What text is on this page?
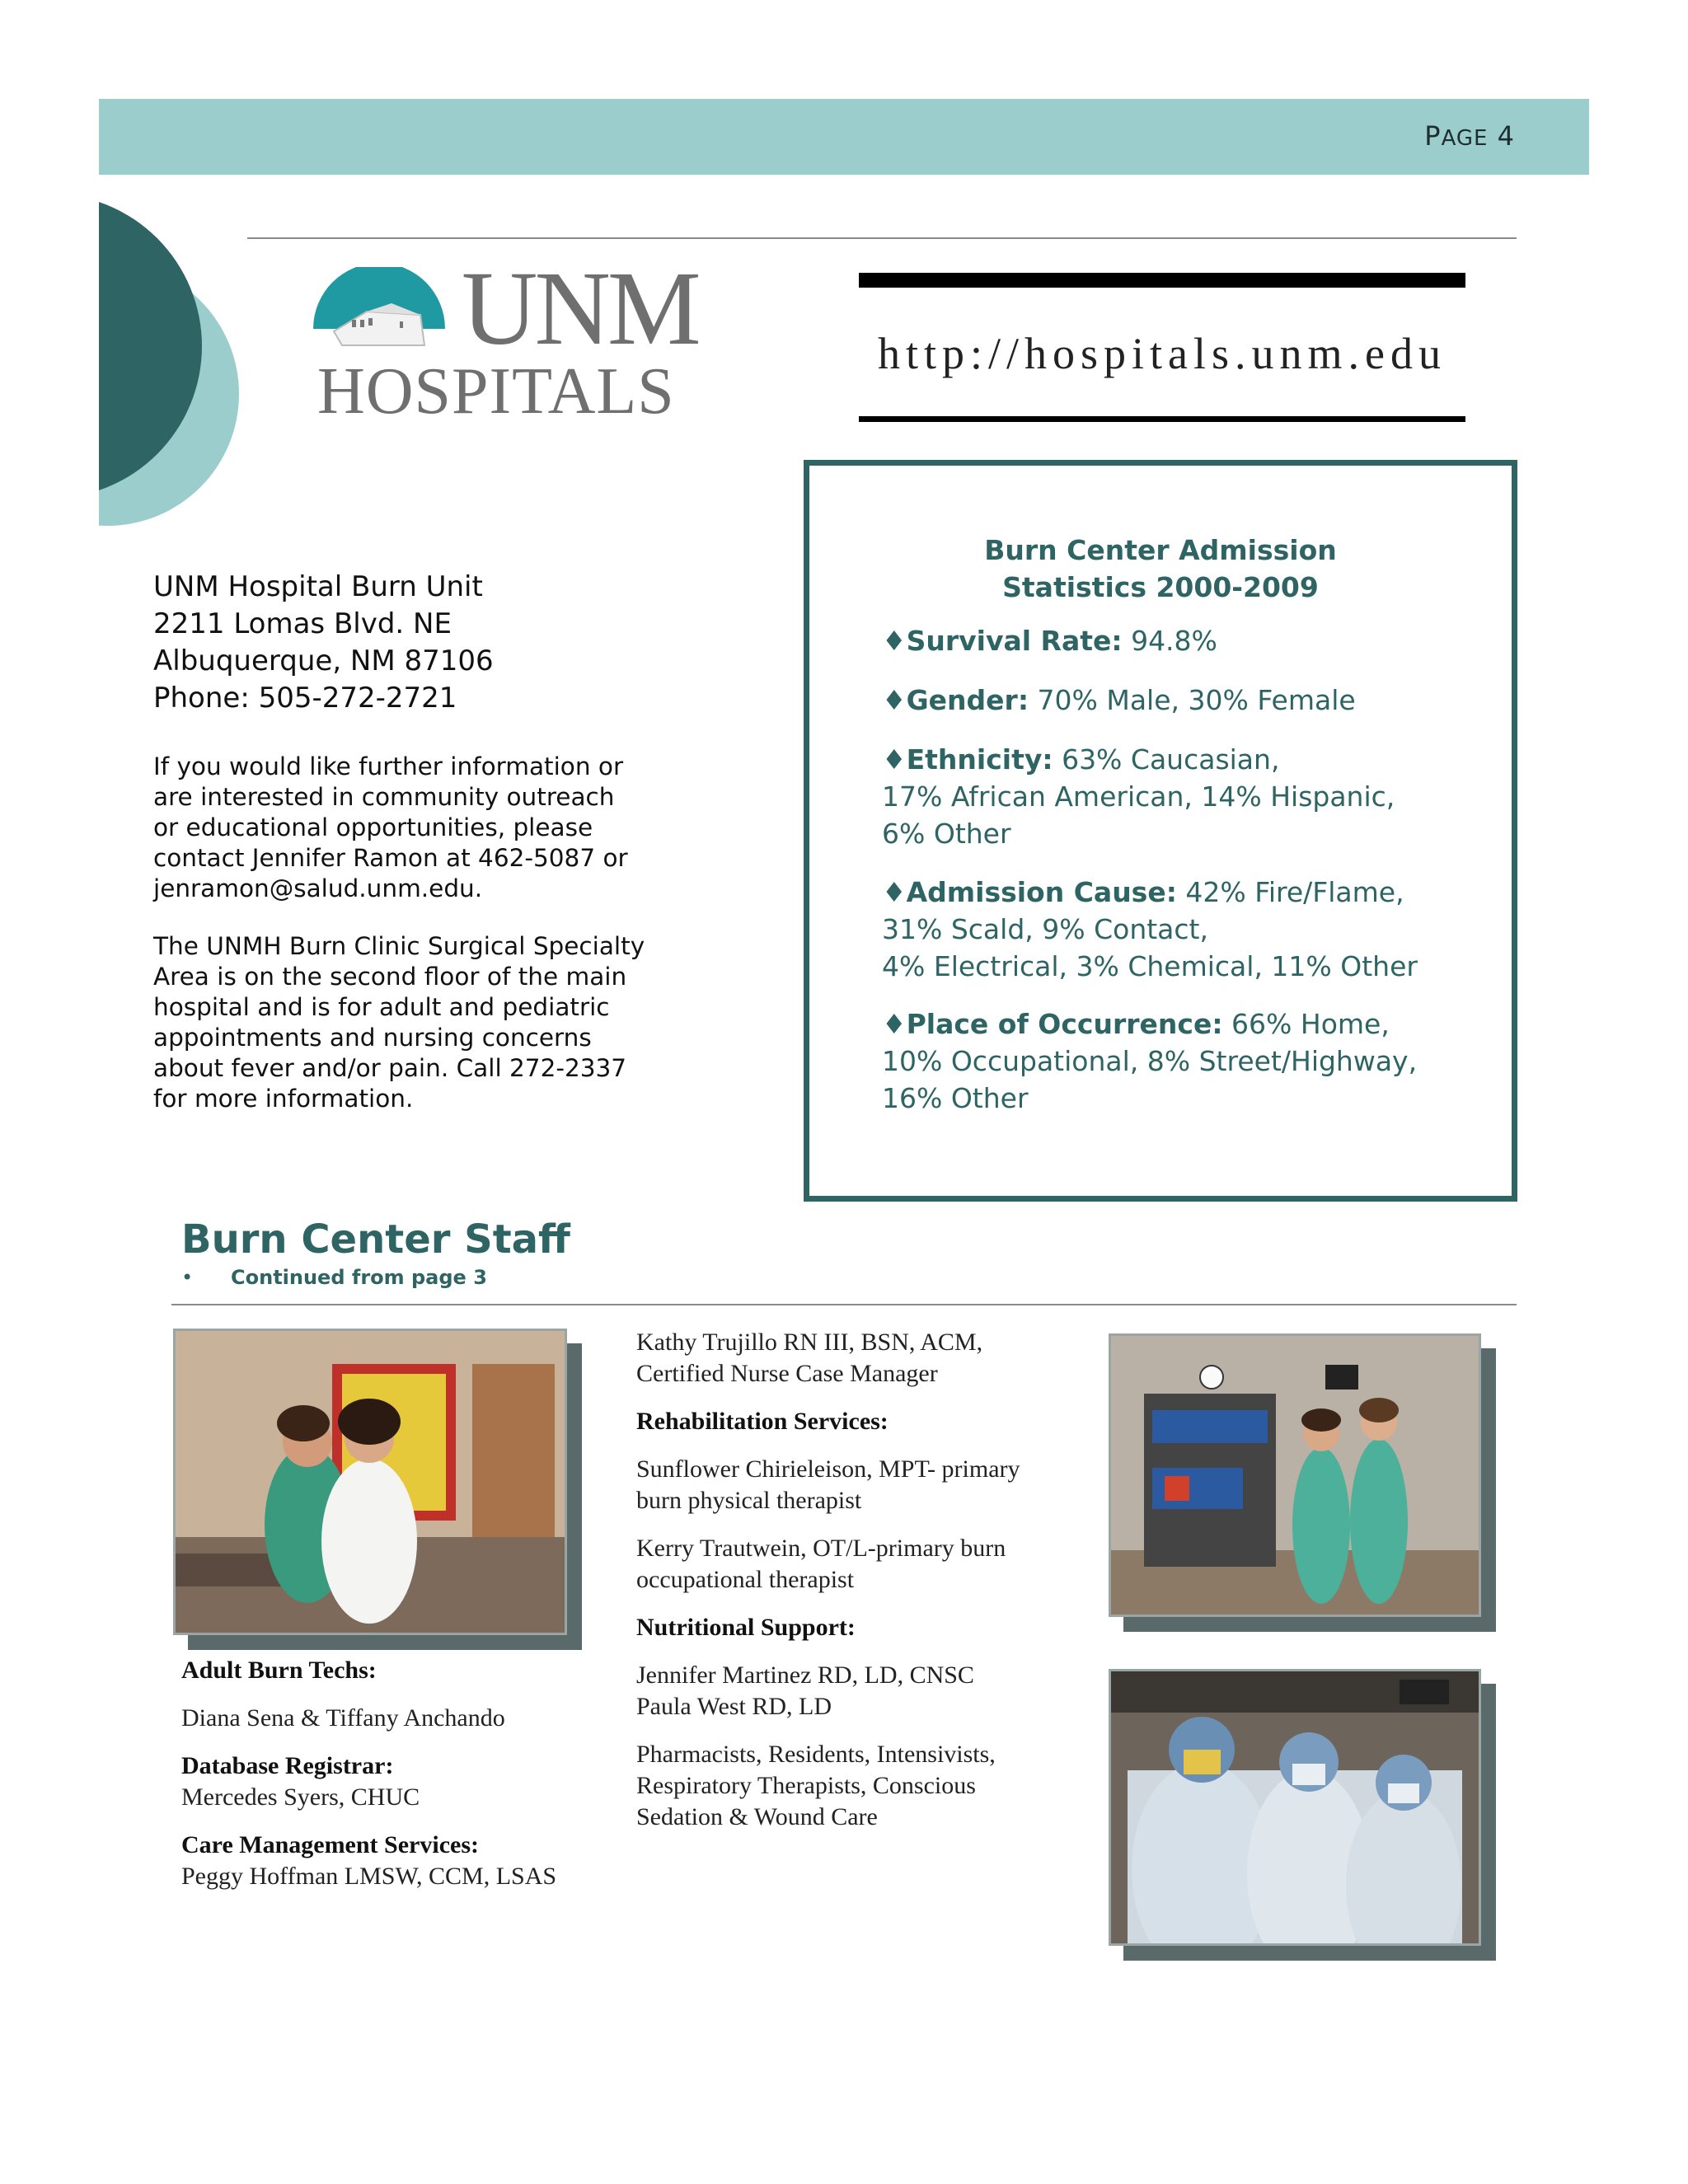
PAGE 4
UNM
HOSPITALS
http://hospitals.unm.edu
UNM Hospital Burn Unit
2211 Lomas Blvd. NE
Albuquerque, NM 87106
Phone: 505-272-2721
If you would like further information or
are interested in community outreach
or educational opportunities, please
contact Jennifer Ramon at 462-5087 or
jenramon@salud.unm.edu.
The UNMH Burn Clinic Surgical Specialty
Area is on the second floor of the main
hospital and is for adult and pediatric
appointments and nursing concerns
about fever and/or pain. Call 272-2337
for more information.
Burn Center Admission
Statistics 2000-2009
♦Survival Rate: 94.8%
♦Gender: 70% Male, 30% Female
♦Ethnicity: 63% Caucasian,
17% African American, 14% Hispanic,
6% Other
♦Admission Cause: 42% Fire/Flame,
31% Scald, 9% Contact,
4% Electrical, 3% Chemical, 11% Other
♦Place of Occurrence: 66% Home,
10% Occupational, 8% Street/Highway,
16% Other
Burn Center Staff
• Continued from page 3
Adult Burn Techs:
Diana Sena & Tiffany Anchando
Database Registrar:
Mercedes Syers, CHUC
Care Management Services:
Peggy Hoffman LMSW, CCM, LSAS
Kathy Trujillo RN III, BSN, ACM,
Certified Nurse Case Manager
Rehabilitation Services:
Sunflower Chirieleison, MPT- primary
burn physical therapist
Kerry Trautwein, OT/L-primary burn
occupational therapist
Nutritional Support:
Jennifer Martinez RD, LD, CNSC
Paula West RD, LD
Pharmacists, Residents, Intensivists,
Respiratory Therapists, Conscious
Sedation & Wound Care
